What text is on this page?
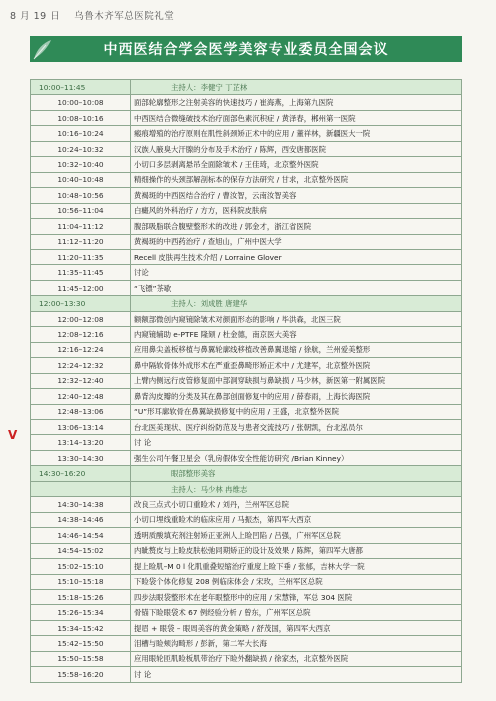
8 月 19 日 乌鲁木齐军总医院礼堂
中西医结合学会医学美容专业委员全国会议
10:00–11:45	主持人：李健宁 丁芷林
10:00–10:08	面部轮廓整形之注射美容的快速技巧 / 崔海燕，上海第九医院
10:08–10:16	中西医结合微缝破技术治疗面部色素沉积症 / 黄泽春，郴州第一医院
10:16–10:24	瘢痕增殖的治疗原则在肌性斜颈矫正术中的应用 / 董祥林，新疆医大一院
10:24–10:32	汉族人腋臭大汗腺的分布及手术治疗 / 陈辉，西安唐都医院
10:32–10:40	小切口多层剥离悬吊全面除皱术 / 王佳琦，北京整外医院
10:40–10:48	精细操作的头颈部解剖标本的保存方法研究 / 甘求，北京整外医院
10:48–10:56	黄褐斑的中西医结合治疗 / 曹汝智，云南汝智美容
10:56–11:04	白癜风的外科治疗 / 方方，医科院皮肤病
11:04–11:12	腹部吸脂联合腹壁整形术的改进 / 郭金才，浙江省医院
11:12–11:20	黄褐斑的中西药治疗 / 查旭山，广州中医大学
11:20–11:35	Recell 皮肤再生技术介绍 / Lorraine Glover
11:35–11:45	讨论
11:45–12:00	“飞镖”茶歇
12:00–13:30	主持人：刘成胜 唐建华
12:00–12:08	额额部微创内窥镜除皱术对颜面形态的影响 / 毕洪森，北医三院
12:08–12:16	内窥镜辅助 e-PTFE 隆颏 / 杜金德，南京医大美容
12:16–12:24	应用鼻尖盖板移植与鼻翼轮廓线移植改善鼻翼退缩 / 徐航，兰州爱美整形
12:24–12:32	鼻中隔软骨体外成形术在严重歪鼻畸形矫正术中 / 尤建军，北京整外医院
12:32–12:40	上臂内侧远行皮管修复面中部洞穿缺损与鼻缺损 / 马少林，新医第一附属医院
12:40–12:48	鼻背沟皮瓣的分类及其在鼻部创面修复中的应用 / 薛春雨，上海长海医院
12:48–13:06	“U”形耳廓软骨在鼻翼缺损修复中的应用 / 王盛，北京整外医院
13:06–13:14	台北医美现状、医疗纠纷防范及与患者交流技巧 / 张朝凯，台北泓员尔
13:14–13:20	讨 论
13:30–14:30	强生公司午餐卫星会（乳房假体安全性能访研究 /Brian Kinney）
14:30–16:20	眼部整形美容
	主持人：马少林 冉维志
14:30–14:38	改良三点式小切口重睑术 / 刘丹，兰州军区总院
14:38–14:46	小切口埋线重睑术的临床应用 / 马振杰，第四军大西京
14:46–14:54	透明质酸填充剂注射矫正亚洲人上睑凹陷 / 吕强，广州军区总院
14:54–15:02	内眦赘皮与上睑皮肤松弛同期矫正的设计及效果 / 陈辉，第四军大唐都
15:02–15:10	提上睑肌–M 0 l 化肌重叠短缩治疗重度上睑下垂 / 张郁，吉林大学一院
15:10–15:18	下睑袋个体化修复 208 例临床体会 / 宋玫，兰州军区总院
15:18–15:26	四步法眼袋整形术在老年眼整形中的应用 / 宋慧锋，军总 304 医院
15:26–15:34	骨锚下睑眼袋术 67 例经验分析 / 曾东，广州军区总院
15:34–15:42	提眉 + 眼袋 – 眼周美容的黄金策略 / 舒茂国，第四军大西京
15:42–15:50	泪槽与睑颊沟畸形 / 彭新，第二军大长海
15:50–15:58	应用眼轮匝肌睑板肌带治疗下睑外翻缺损 / 徐家杰，北京整外医院
15:58–16:20	讨 论
V
